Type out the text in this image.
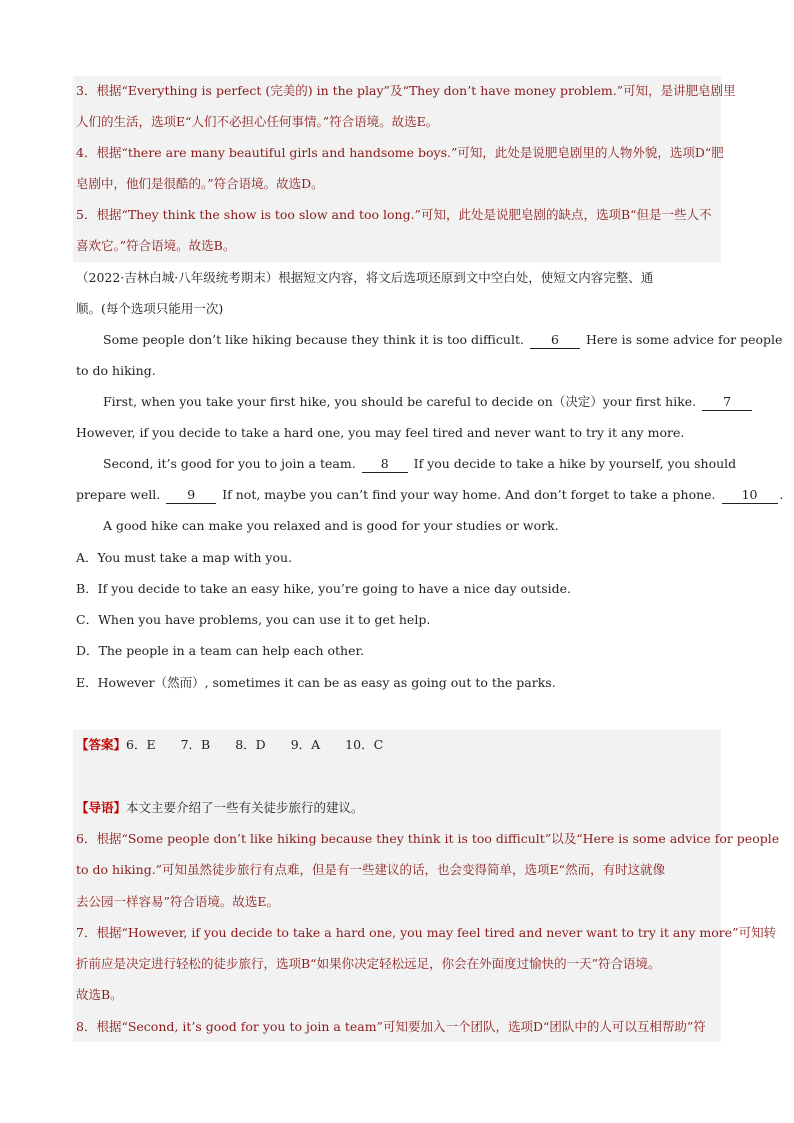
3．根据“Everything is perfect (完美的) in the play”及“They don’t have money problem.”可知，是讲肥皂剧里

人们的生活，选项E“人们不必担心任何事情。”符合语境。故选E。

4．根据“there are many beautiful girls and handsome boys.”可知，此处是说肥皂剧里的人物外貌，选项D“肥

皂剧中，他们是很酷的。”符合语境。故选D。

5．根据“They think the show is too slow and too long.”可知，此处是说肥皂剧的缺点，选项B“但是一些人不

喜欢它。”符合语境。故选B。

（2022·吉林白城·八年级统考期末）根据短文内容，将文后选项还原到文中空白处，使短文内容完整、通

顺。(每个选项只能用一次)

Some people don’t like hiking because they think it is too difficult. 6 Here is some advice for people

to do hiking.

First, when you take your first hike, you should be careful to decide on（决定）your first hike. 7

However, if you decide to take a hard one, you may feel tired and never want to try it any more.

Second, it’s good for you to join a team. 8 If you decide to take a hike by yourself, you should

prepare well. 9 If not, maybe you can’t find your way home. And don’t forget to take a phone. 10 .

A good hike can make you relaxed and is good for your studies or work.

A．You must take a map with you.

B．If you decide to take an easy hike, you’re going to have a nice day outside.

C．When you have problems, you can use it to get help.

D．The people in a team can help each other.

E．However（然而）, sometimes it can be as easy as going out to the parks.

【答案】6．E　　7．B　　8．D　　9．A　　10．C

【导语】本文主要介绍了一些有关徒步旅行的建议。

6．根据“Some people don’t like hiking because they think it is too difficult”以及“Here is some advice for people

to do hiking.”可知虽然徒步旅行有点难，但是有一些建议的话，也会变得简单，选项E“然而，有时这就像

去公园一样容易”符合语境。故选E。

7．根据“However, if you decide to take a hard one, you may feel tired and never want to try it any more”可知转

折前应是决定进行轻松的徒步旅行，选项B“如果你决定轻松远足，你会在外面度过愉快的一天”符合语境。

故选B。

8．根据“Second, it’s good for you to join a team”可知要加入一个团队，选项D“团队中的人可以互相帮助”符
